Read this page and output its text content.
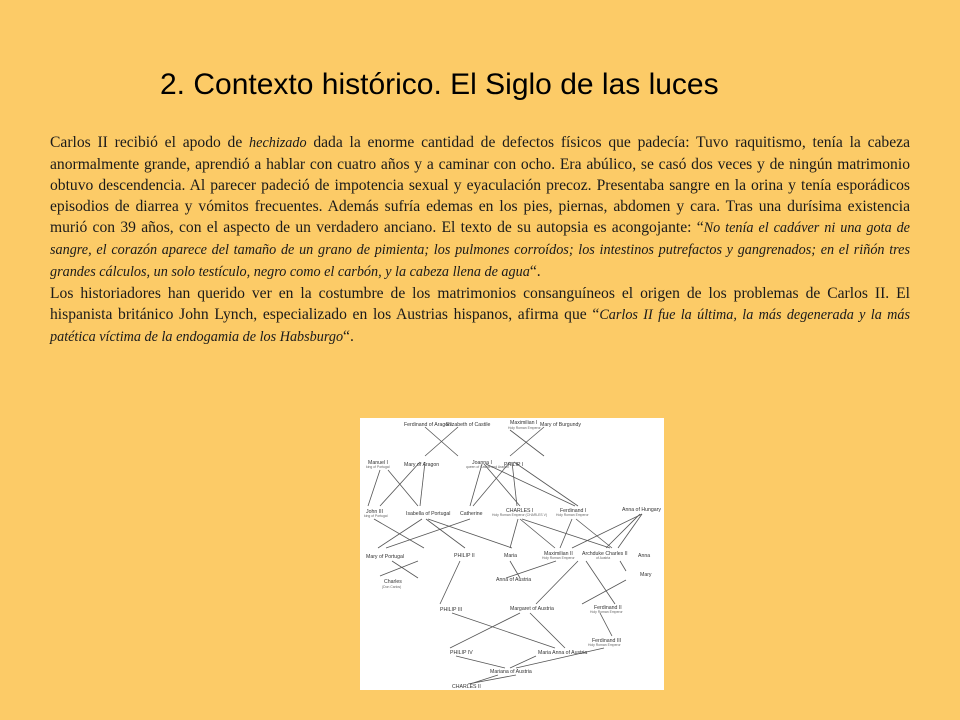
2. Contexto histórico. El Siglo de las luces

Carlos II recibió el apodo de hechizado dada la enorme cantidad de defectos físicos que padecía: Tuvo raquitismo, tenía la cabeza anormalmente grande, aprendió a hablar con cuatro años y a caminar con ocho. Era abúlico, se casó dos veces y de ningún matrimonio obtuvo descendencia. Al parecer padeció de impotencia sexual y eyaculación precoz. Presentaba sangre en la orina y tenía esporádicos episodios de diarrea y vómitos frecuentes. Además sufría edemas en los pies, piernas, abdomen y cara. Tras una durísima existencia murió con 39 años, con el aspecto de un verdadero anciano. El texto de su autopsia es acongojante: “No tenía el cadáver ni una gota de sangre, el corazón aparece del tamaño de un grano de pimienta; los pulmones corroídos; los intestinos putrefactos y gangrenados; en el riñón tres grandes cálculos, un solo testículo, negro como el carbón, y la cabeza llena de agua“.

Los historiadores han querido ver en la costumbre de los matrimonios consanguíneos el origen de los problemas de Carlos II. El hispanista británico John Lynch, especializado en los Austrias hispanos, afirma que “Carlos II fue la última, la más degenerada y la más patética víctima de la endogamia de los Habsburgo“.

Ferdinand of Aragon
Elizabeth of Castile	Maximilian I
Holy Roman Emperor Mary of Burgundy
Manuel I
king of Portugal	Mary of Aragon	Joanna I
queen of Castile and Aragon
PHILIP I
John III
king of Portugal	Isabella of Portugal Catherine	CHARLES I
Holy Roman Emperor (CHARLES V)
Ferdinand I
Holy Roman Emperor
Anna of Hungary
Mary of Portugal	PHILIP II	Maria	Maximilian II
Holy Roman Emperor
Archduke Charles II
of Austria	Anna
Anna of Austria
Mary
Charles
(Don Carlos)
PHILIP III	Margaret of Austria	Ferdinand II
Holy Roman Emperor
PHILIP IV	Maria Anna of Austria
Ferdinand III
Holy Roman Emperor
Mariana of Austria
CHARLES II
